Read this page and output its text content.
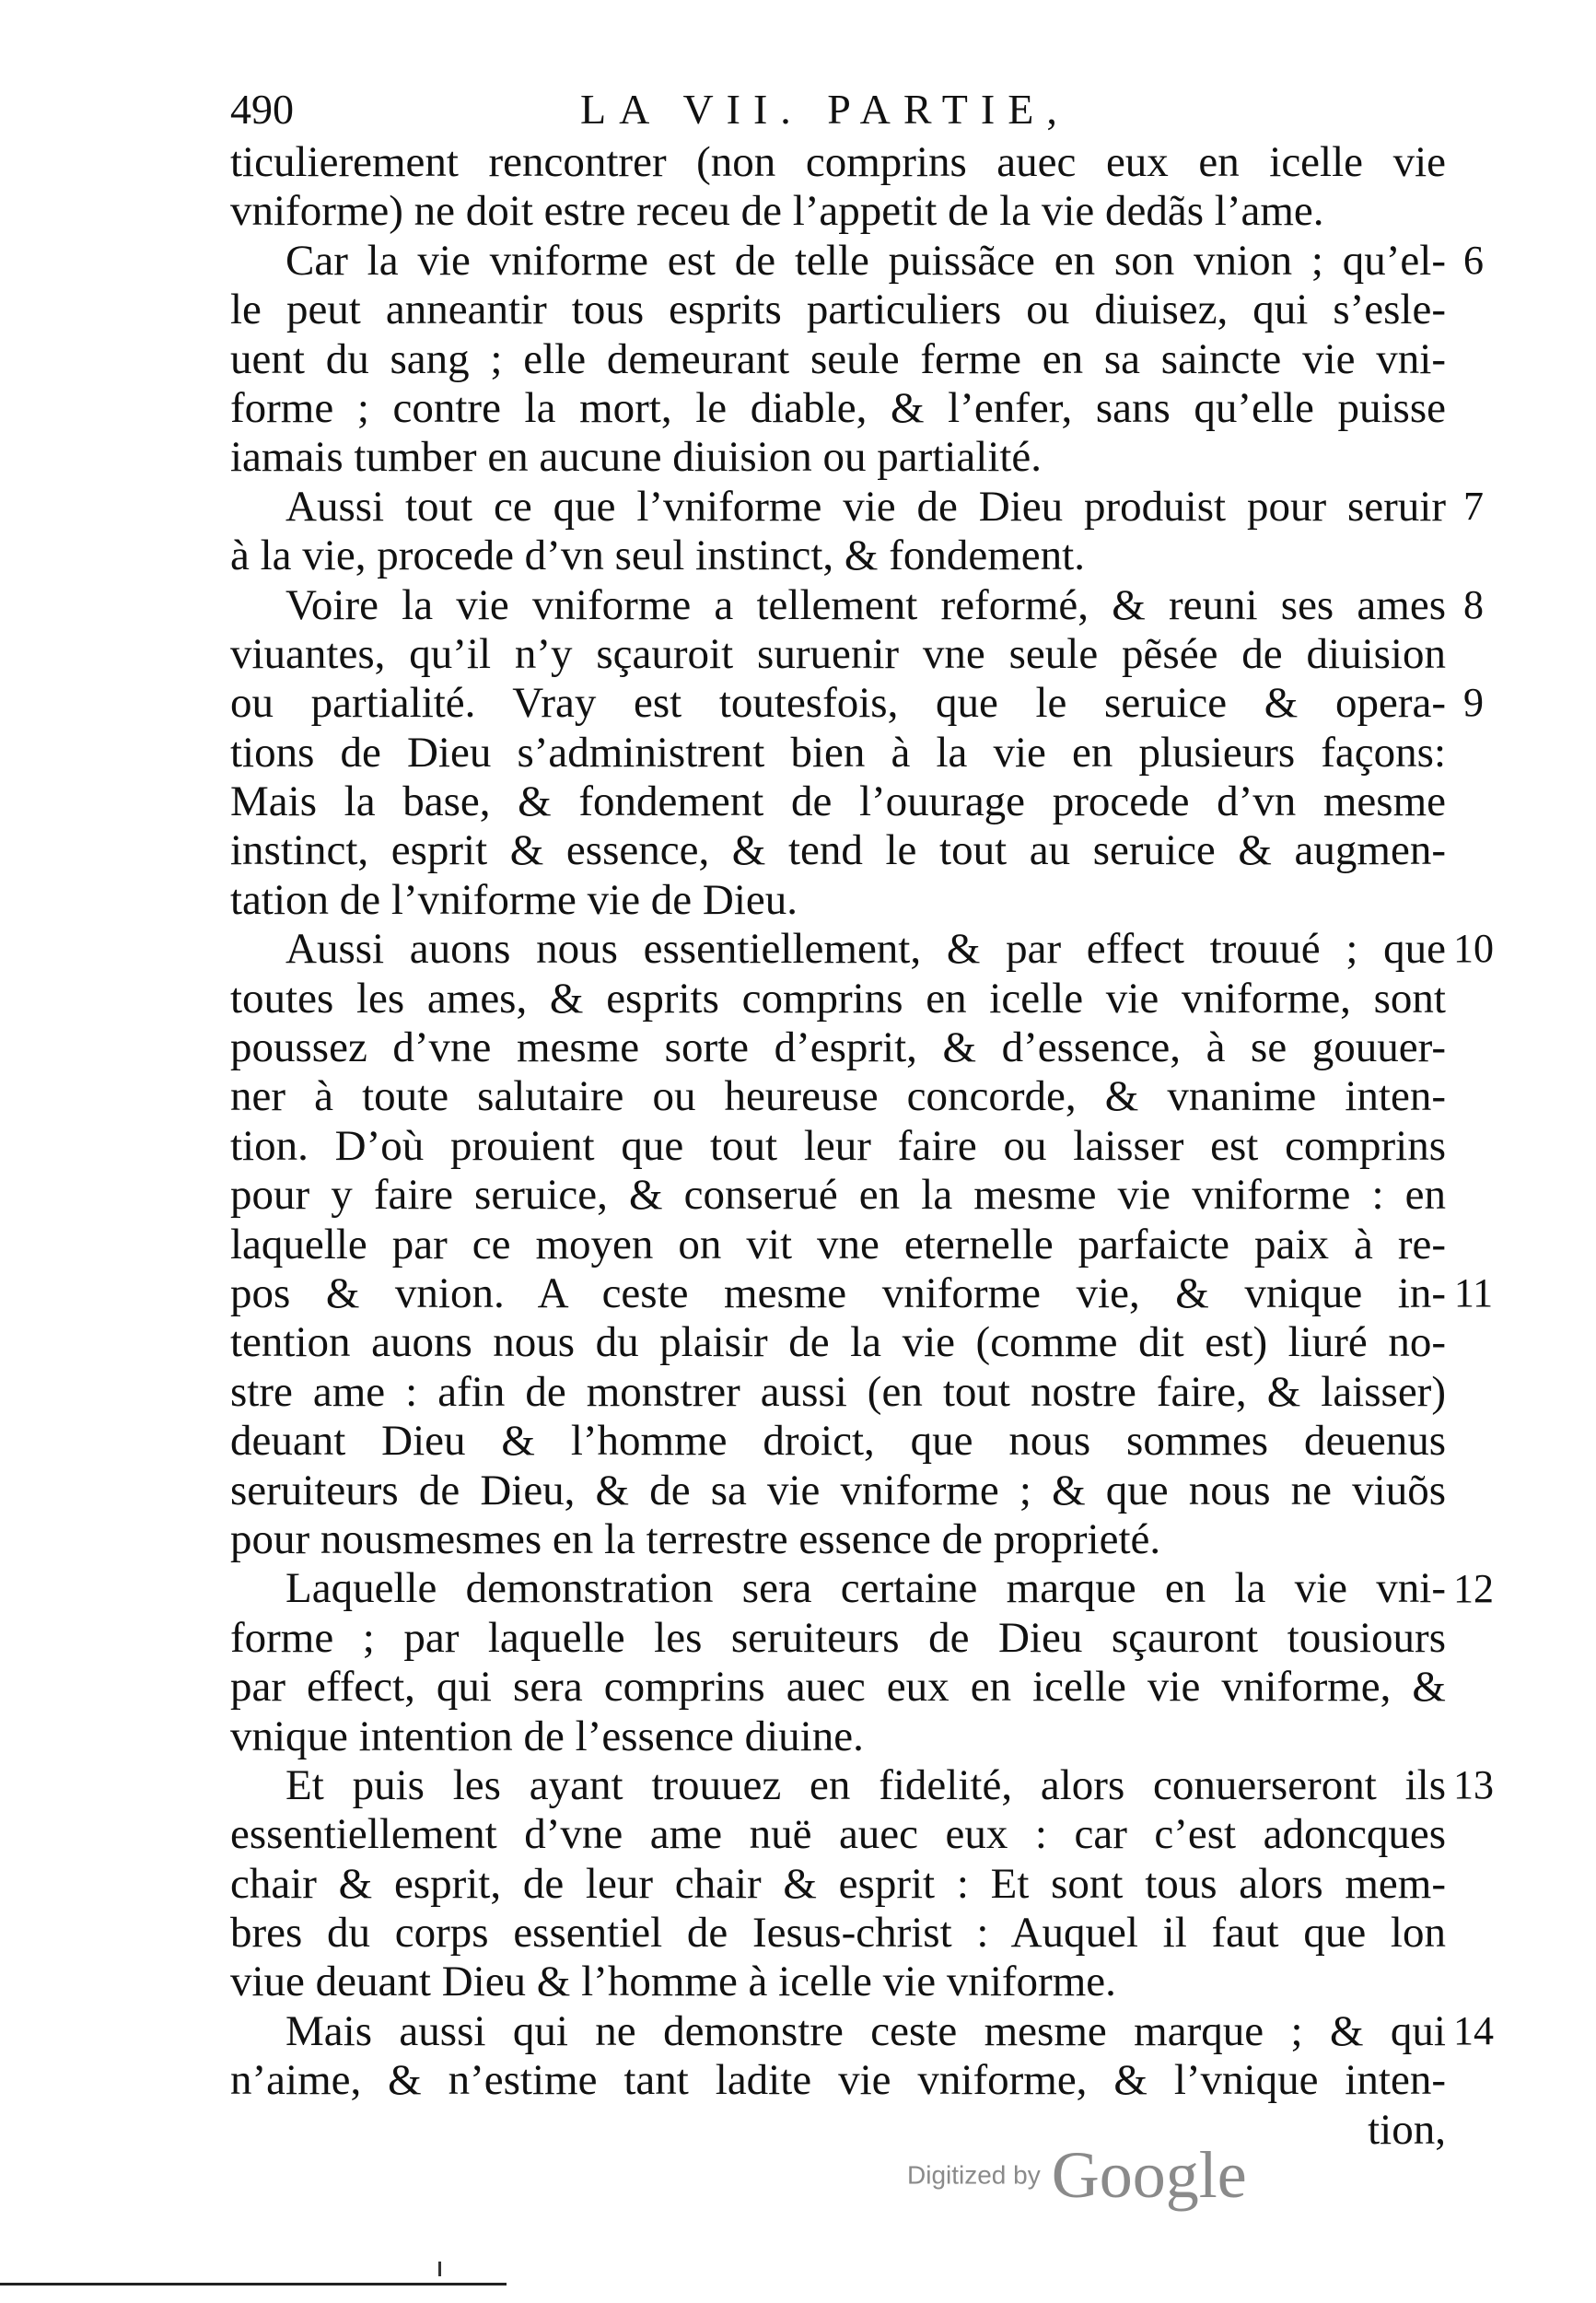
490	LA VII. PARTIE,
ticulierement rencontrer (non comprins auec eux en icelle vie
vniforme) ne doit estre receu de l’appetit de la vie dedãs l’ame.
Car la vie vniforme est de telle puissãce en son vnion ; qu’el- 6
le peut anneantir tous esprits particuliers ou diuisez, qui s’esle-
uent du sang ; elle demeurant seule ferme en sa saincte vie vni-
forme ; contre la mort, le diable, & l’enfer, sans qu’elle puisse
iamais tumber en aucune diuision ou partialité.
Aussi tout ce que l’vniforme vie de Dieu produist pour seruir 7
à la vie, procede d’vn seul instinct, & fondement.
Voire la vie vniforme a tellement reformé, & reuni ses ames 8
viuantes, qu’il n’y sçauroit suruenir vne seule pẽsée de diuision
ou partialité. Vray est toutesfois, que le seruice & opera- 9
tions de Dieu s’administrent bien à la vie en plusieurs façons:
Mais la base, & fondement de l’ouurage procede d’vn mesme
instinct, esprit & essence, & tend le tout au seruice & augmen-
tation de l’vniforme vie de Dieu.
Aussi auons nous essentiellement, & par effect trouué ; que 10
toutes les ames, & esprits comprins en icelle vie vniforme, sont
poussez d’vne mesme sorte d’esprit, & d’essence, à se gouuer-
ner à toute salutaire ou heureuse concorde, & vnanime inten-
tion. D’où prouient que tout leur faire ou laisser est comprins
pour y faire seruice, & conserué en la mesme vie vniforme : en
laquelle par ce moyen on vit vne eternelle parfaicte paix à re-
pos & vnion. A ceste mesme vniforme vie, & vnique in- 11
tention auons nous du plaisir de la vie (comme dit est) liuré no-
stre ame : afin de monstrer aussi (en tout nostre faire, & laisser)
deuant Dieu & l’homme droict, que nous sommes deuenus
seruiteurs de Dieu, & de sa vie vniforme ; & que nous ne viuõs
pour nousmesmes en la terrestre essence de proprieté.
Laquelle demonstration sera certaine marque en la vie vni- 12
forme ; par laquelle les seruiteurs de Dieu sçauront tousiours
par effect, qui sera comprins auec eux en icelle vie vniforme, &
vnique intention de l’essence diuine.
Et puis les ayant trouuez en fidelité, alors conuerseront ils 13
essentiellement d’vne ame nuë auec eux : car c’est adoncques
chair & esprit, de leur chair & esprit : Et sont tous alors mem-
bres du corps essentiel de Iesus-christ : Auquel il faut que lon
viue deuant Dieu & l’homme à icelle vie vniforme.
Mais aussi qui ne demonstre ceste mesme marque ; & qui 14
n’aime, & n’estime tant ladite vie vniforme, & l’vnique inten-
tion,
Digitized by Google
